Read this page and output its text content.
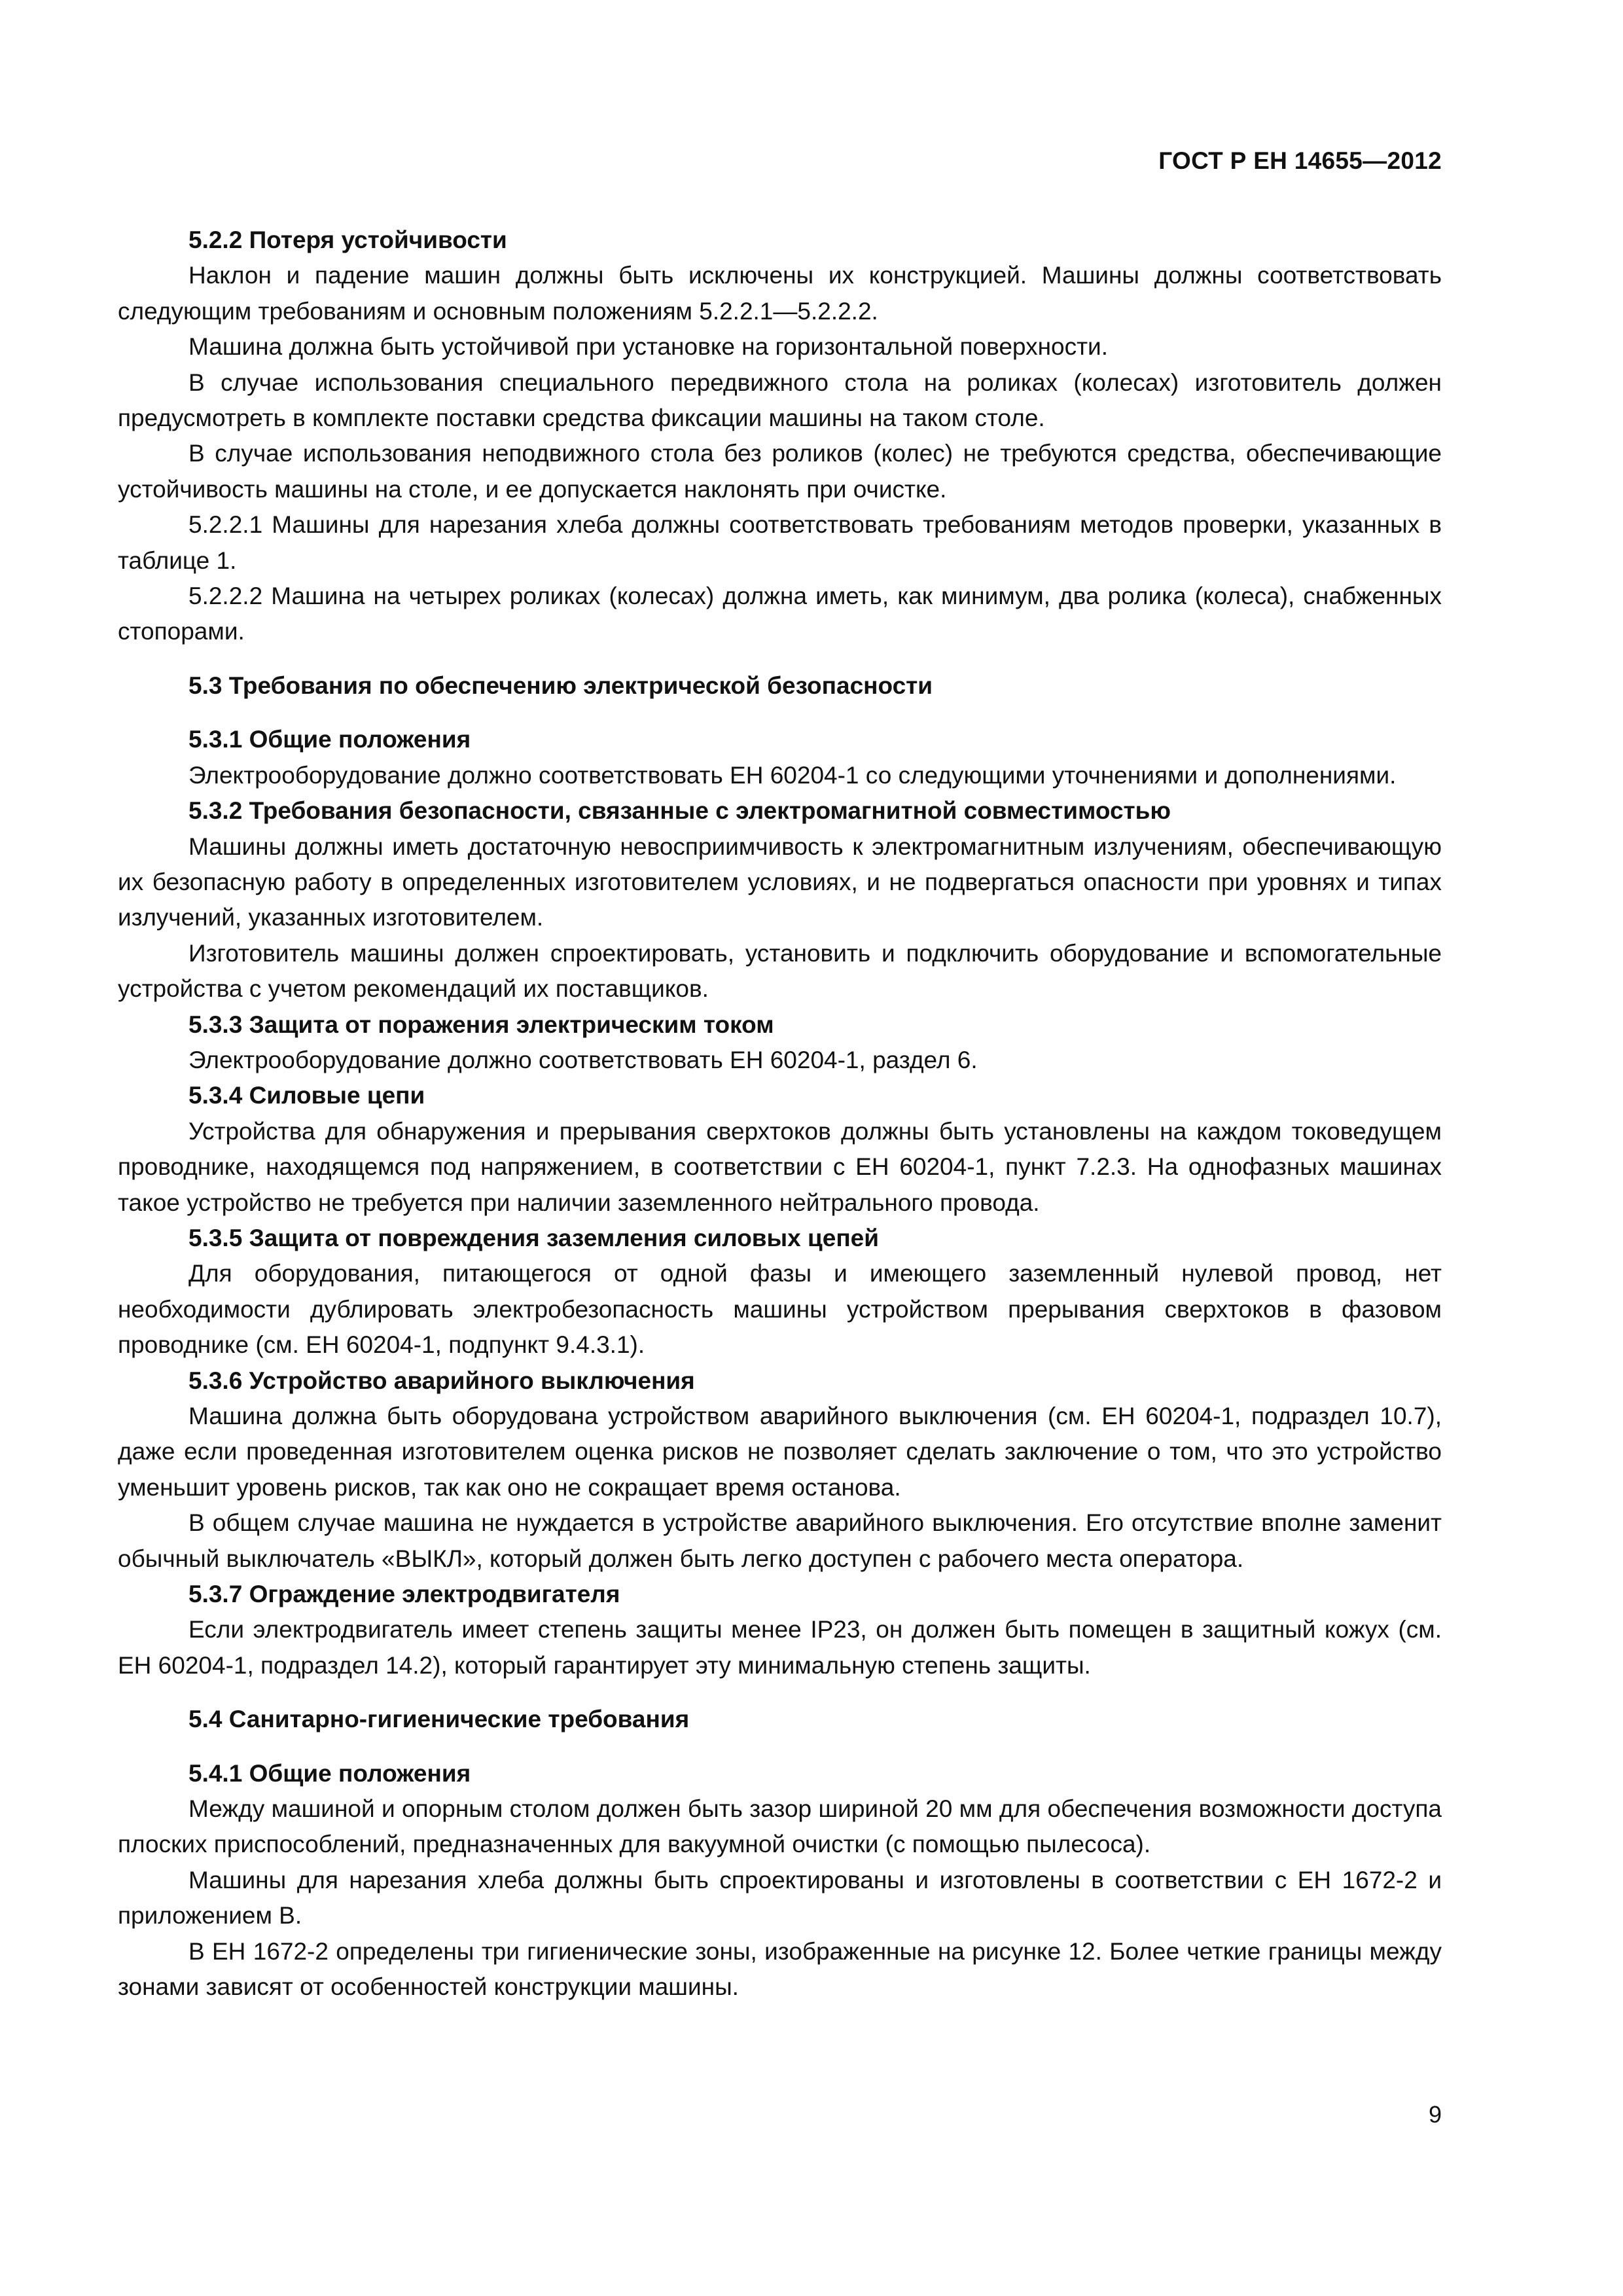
ГОСТ Р ЕН 14655—2012
5.2.2 Потеря устойчивости

Наклон и падение машин должны быть исключены их конструкцией. Машины должны соответствовать следующим требованиям и основным положениям 5.2.2.1—5.2.2.2.

Машина должна быть устойчивой при установке на горизонтальной поверхности.

В случае использования специального передвижного стола на роликах (колесах) изготовитель должен предусмотреть в комплекте поставки средства фиксации машины на таком столе.

В случае использования неподвижного стола без роликов (колес) не требуются средства, обеспечивающие устойчивость машины на столе, и ее допускается наклонять при очистке.

5.2.2.1 Машины для нарезания хлеба должны соответствовать требованиям методов проверки, указанных в таблице 1.

5.2.2.2 Машина на четырех роликах (колесах) должна иметь, как минимум, два ролика (колеса), снабженных стопорами.

5.3 Требования по обеспечению электрической безопасности
5.3.1 Общие положения

Электрооборудование должно соответствовать ЕН 60204-1 со следующими уточнениями и дополнениями.

5.3.2 Требования безопасности, связанные с электромагнитной совместимостью

Машины должны иметь достаточную невосприимчивость к электромагнитным излучениям, обеспечивающую их безопасную работу в определенных изготовителем условиях, и не подвергаться опасности при уровнях и типах излучений, указанных изготовителем.

Изготовитель машины должен спроектировать, установить и подключить оборудование и вспомогательные устройства с учетом рекомендаций их поставщиков.

5.3.3 Защита от поражения электрическим током

Электрооборудование должно соответствовать ЕН 60204-1, раздел 6.

5.3.4 Силовые цепи

Устройства для обнаружения и прерывания сверхтоков должны быть установлены на каждом токоведущем проводнике, находящемся под напряжением, в соответствии с ЕН 60204-1, пункт 7.2.3. На однофазных машинах такое устройство не требуется при наличии заземленного нейтрального провода.

5.3.5 Защита от повреждения заземления силовых цепей

Для оборудования, питающегося от одной фазы и имеющего заземленный нулевой провод, нет необходимости дублировать электробезопасность машины устройством прерывания сверхтоков в фазовом проводнике (см. ЕН 60204-1, подпункт 9.4.3.1).

5.3.6 Устройство аварийного выключения

Машина должна быть оборудована устройством аварийного выключения (см. ЕН 60204-1, подраздел 10.7), даже если проведенная изготовителем оценка рисков не позволяет сделать заключение о том, что это устройство уменьшит уровень рисков, так как оно не сокращает время останова.

В общем случае машина не нуждается в устройстве аварийного выключения. Его отсутствие вполне заменит обычный выключатель «ВЫКЛ», который должен быть легко доступен с рабочего места оператора.

5.3.7 Ограждение электродвигателя

Если электродвигатель имеет степень защиты менее IP23, он должен быть помещен в защитный кожух (см. ЕН 60204-1, подраздел 14.2), который гарантирует эту минимальную степень защиты.

5.4 Санитарно-гигиенические требования
5.4.1 Общие положения

Между машиной и опорным столом должен быть зазор шириной 20 мм для обеспечения возможности доступа плоских приспособлений, предназначенных для вакуумной очистки (с помощью пылесоса).

Машины для нарезания хлеба должны быть спроектированы и изготовлены в соответствии с ЕН 1672-2 и приложением В.

В ЕН 1672-2 определены три гигиенические зоны, изображенные на рисунке 12. Более четкие границы между зонами зависят от особенностей конструкции машины.

9
